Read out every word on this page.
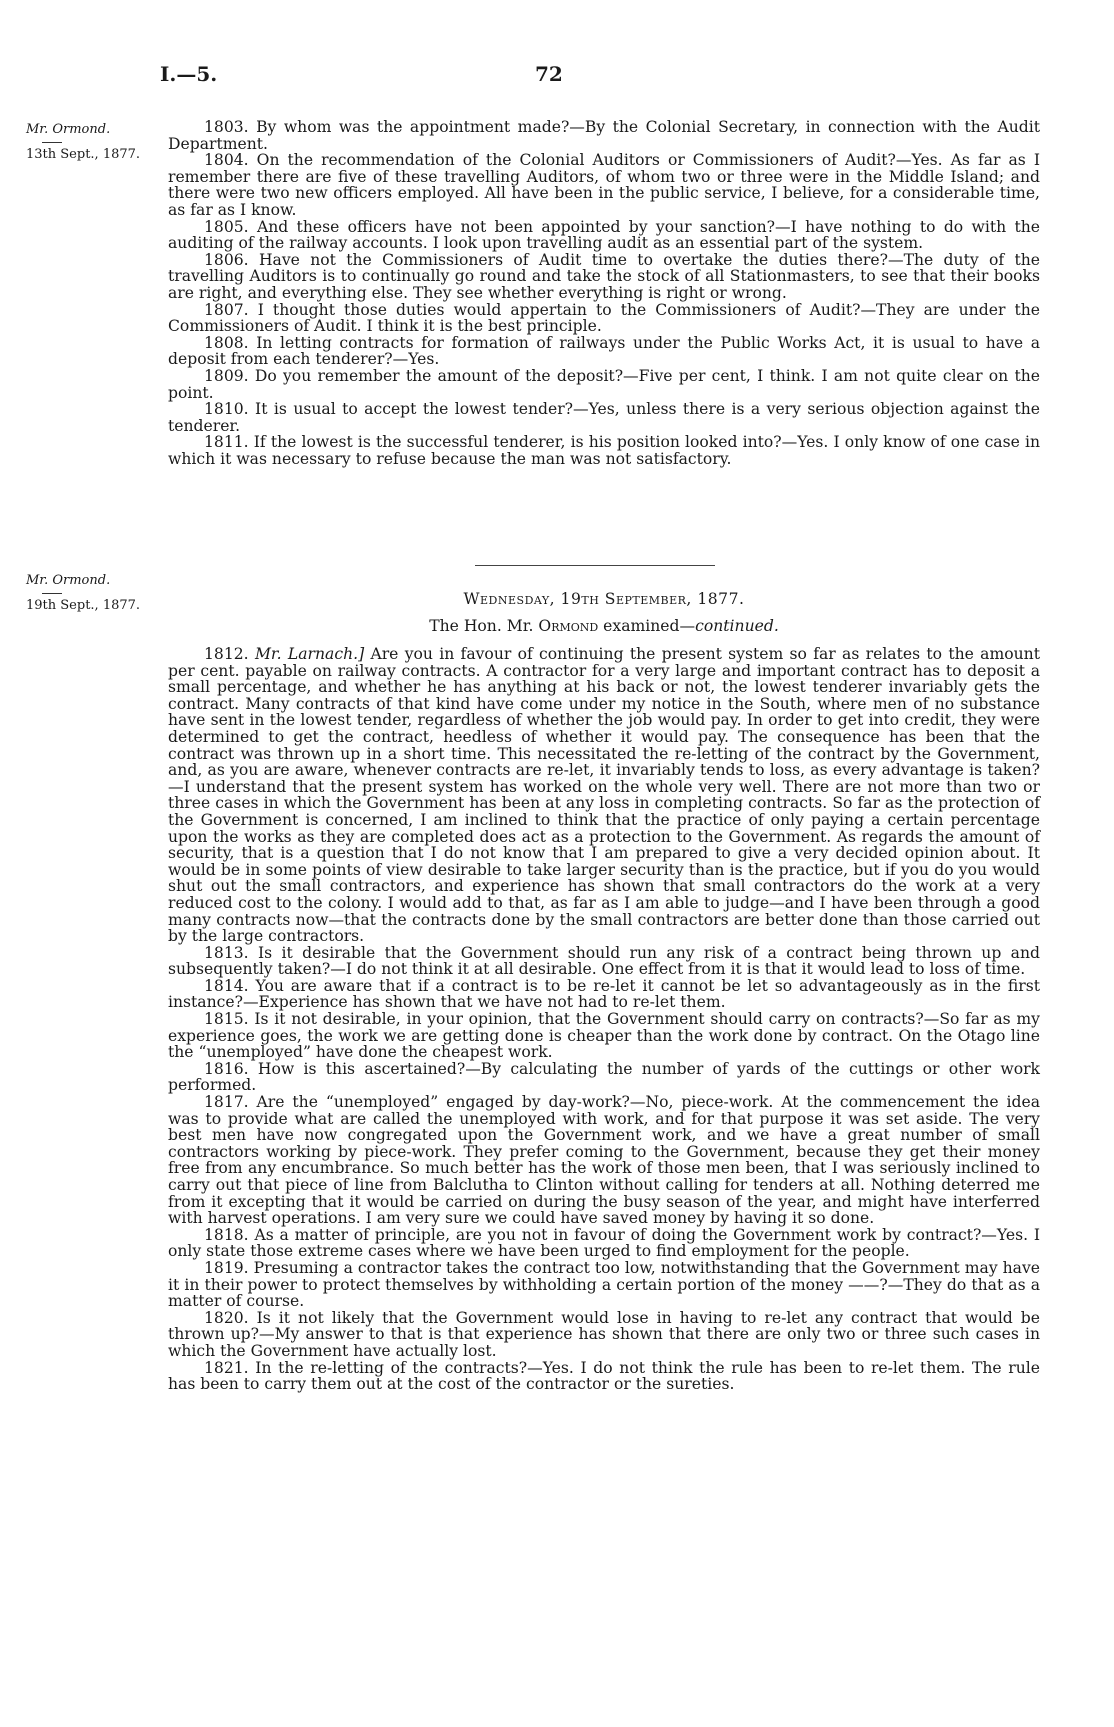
I.—5.	72
Mr. Ormond.
13th Sept., 1877.

1803. By whom was the appointment made?—By the Colonial Secretary, in connection with the Audit Department.

1804. On the recommendation of the Colonial Auditors or Commissioners of Audit?—Yes. As far as I remember there are five of these travelling Auditors, of whom two or three were in the Middle Island; and there were two new officers employed. All have been in the public service, I believe, for a considerable time, as far as I know.

1805. And these officers have not been appointed by your sanction?—I have nothing to do with the auditing of the railway accounts. I look upon travelling audit as an essential part of the system.

1806. Have not the Commissioners of Audit time to overtake the duties there?—The duty of the travelling Auditors is to continually go round and take the stock of all Stationmasters, to see that their books are right, and everything else. They see whether everything is right or wrong.

1807. I thought those duties would appertain to the Commissioners of Audit?—They are under the Commissioners of Audit. I think it is the best principle.

1808. In letting contracts for formation of railways under the Public Works Act, it is usual to have a deposit from each tenderer?—Yes.

1809. Do you remember the amount of the deposit?—Five per cent, I think. I am not quite clear on the point.

1810. It is usual to accept the lowest tender?—Yes, unless there is a very serious objection against the tenderer.

1811. If the lowest is the successful tenderer, is his position looked into?—Yes. I only know of one case in which it was necessary to refuse because the man was not satisfactory.

Mr. Ormond.
19th Sept., 1877.	Wednesday, 19th September, 1877.
The Hon. Mr. Ormond examined—continued.

1812. Mr. Larnach.] Are you in favour of continuing the present system so far as relates to the amount per cent. payable on railway contracts. A contractor for a very large and important contract has to deposit a small percentage, and whether he has anything at his back or not, the lowest tenderer invariably gets the contract. Many contracts of that kind have come under my notice in the South, where men of no substance have sent in the lowest tender, regardless of whether the job would pay. In order to get into credit, they were determined to get the contract, heedless of whether it would pay. The consequence has been that the contract was thrown up in a short time. This necessitated the re-letting of the contract by the Government, and, as you are aware, whenever contracts are re-let, it invariably tends to loss, as every advantage is taken?—I understand that the present system has worked on the whole very well. There are not more than two or three cases in which the Government has been at any loss in completing contracts. So far as the protection of the Government is concerned, I am inclined to think that the practice of only paying a certain percentage upon the works as they are completed does act as a protection to the Government. As regards the amount of security, that is a question that I do not know that I am prepared to give a very decided opinion about. It would be in some points of view desirable to take larger security than is the practice, but if you do you would shut out the small contractors, and experience has shown that small contractors do the work at a very reduced cost to the colony. I would add to that, as far as I am able to judge—and I have been through a good many contracts now—that the contracts done by the small contractors are better done than those carried out by the large contractors.

1813. Is it desirable that the Government should run any risk of a contract being thrown up and subsequently taken?—I do not think it at all desirable. One effect from it is that it would lead to loss of time.

1814. You are aware that if a contract is to be re-let it cannot be let so advantageously as in the first instance?—Experience has shown that we have not had to re-let them.

1815. Is it not desirable, in your opinion, that the Government should carry on contracts?—So far as my experience goes, the work we are getting done is cheaper than the work done by contract. On the Otago line the “unemployed” have done the cheapest work.

1816. How is this ascertained?—By calculating the number of yards of the cuttings or other work performed.

1817. Are the “unemployed” engaged by day-work?—No, piece-work. At the commencement the idea was to provide what are called the unemployed with work, and for that purpose it was set aside. The very best men have now congregated upon the Government work, and we have a great number of small contractors working by piece-work. They prefer coming to the Government, because they get their money free from any encumbrance. So much better has the work of those men been, that I was seriously inclined to carry out that piece of line from Balclutha to Clinton without calling for tenders at all. Nothing deterred me from it excepting that it would be carried on during the busy season of the year, and might have interferred with harvest operations. I am very sure we could have saved money by having it so done.

1818. As a matter of principle, are you not in favour of doing the Government work by contract?—Yes. I only state those extreme cases where we have been urged to find employment for the people.

1819. Presuming a contractor takes the contract too low, notwithstanding that the Government may have it in their power to protect themselves by withholding a certain portion of the money ——?—They do that as a matter of course.

1820. Is it not likely that the Government would lose in having to re-let any contract that would be thrown up?—My answer to that is that experience has shown that there are only two or three such cases in which the Government have actually lost.

1821. In the re-letting of the contracts?—Yes. I do not think the rule has been to re-let them. The rule has been to carry them out at the cost of the contractor or the sureties.
